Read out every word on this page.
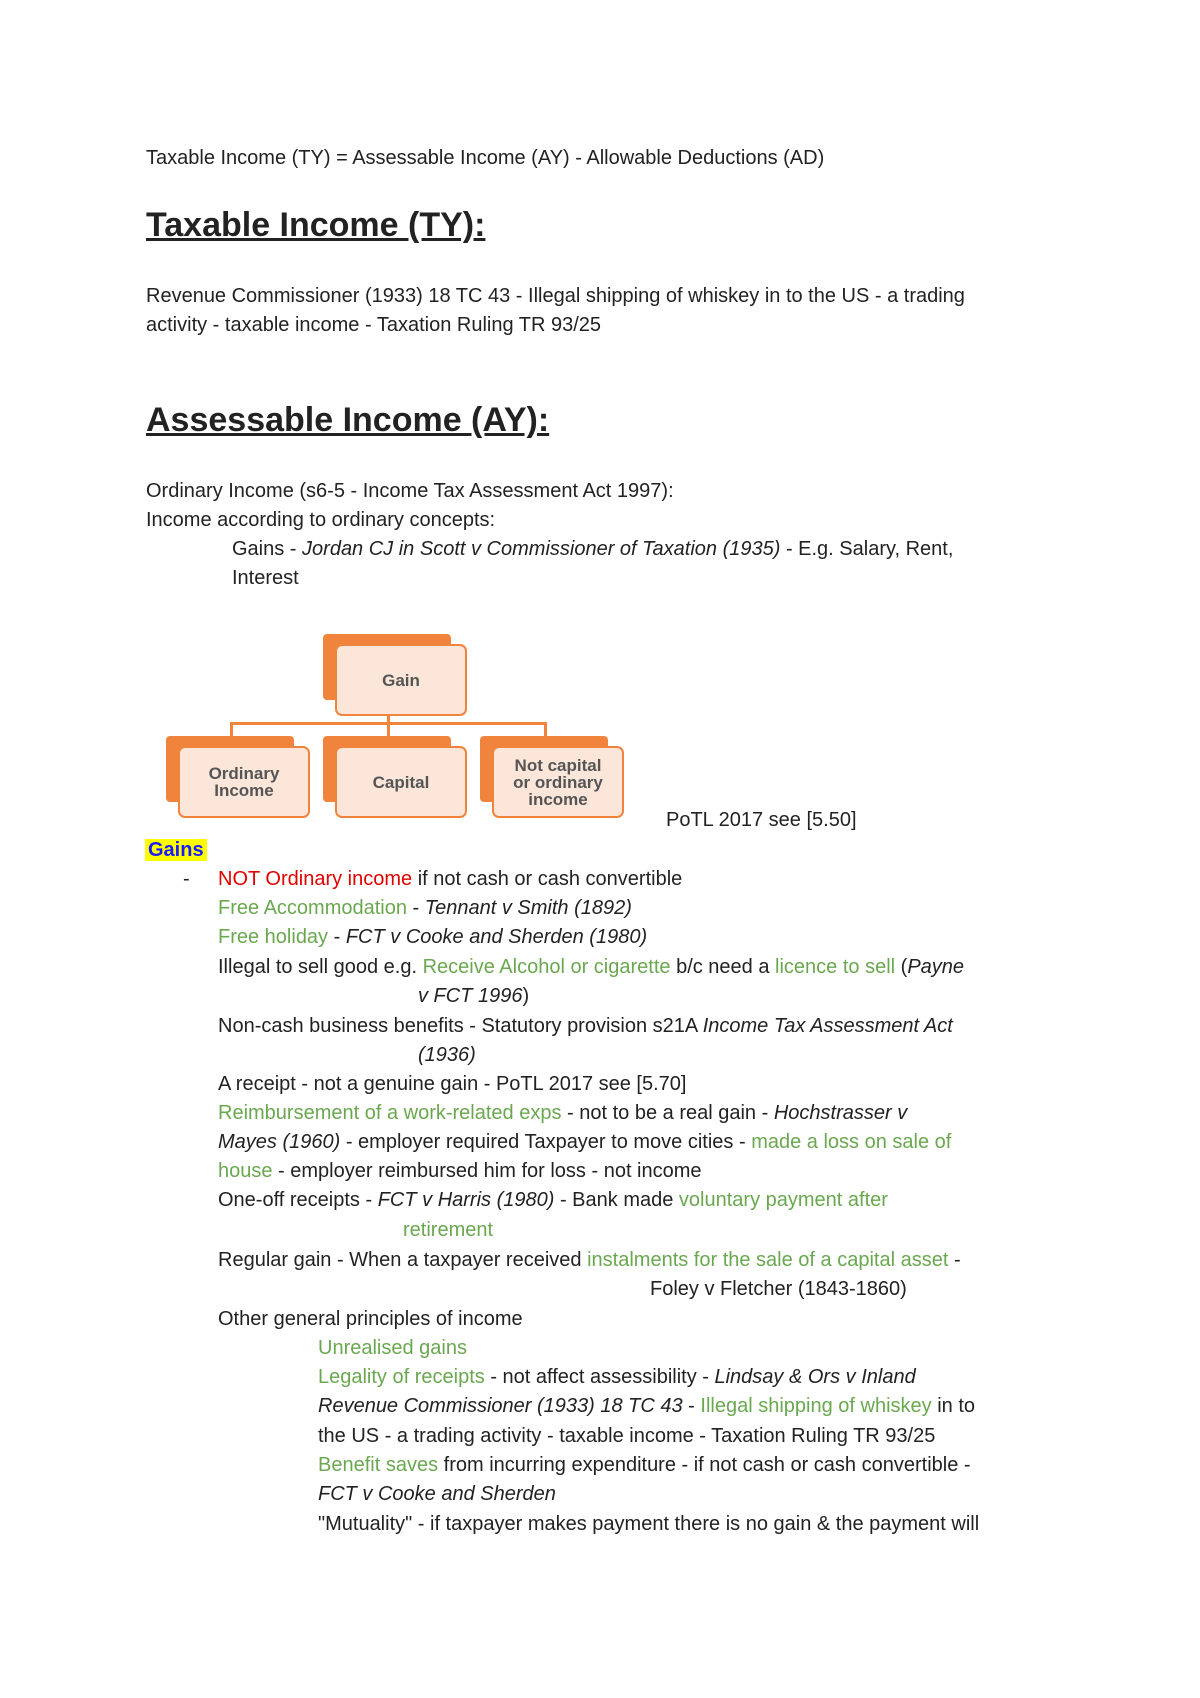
Taxable Income (TY) = Assessable Income (AY) - Allowable Deductions (AD)
Taxable Income (TY):
Revenue Commissioner (1933) 18 TC 43 - Illegal shipping of whiskey in to the US - a trading
activity - taxable income - Taxation Ruling TR 93/25
Assessable Income (AY):
Ordinary Income (s6-5 - Income Tax Assessment Act 1997):
Income according to ordinary concepts:
Gains - Jordan CJ in Scott v Commissioner of Taxation (1935) - E.g. Salary, Rent,
Interest
Gain
Ordinary Income	Capital
Not capital or ordinary income
PoTL 2017 see [5.50]
Gains
- NOT Ordinary income if not cash or cash convertible
Free Accommodation - Tennant v Smith (1892)
Free holiday - FCT v Cooke and Sherden (1980)
Illegal to sell good e.g. Receive Alcohol or cigarette b/c need a licence to sell (Payne
v FCT 1996)
Non-cash business benefits - Statutory provision s21A Income Tax Assessment Act
(1936)
A receipt - not a genuine gain - PoTL 2017 see [5.70]
Reimbursement of a work-related exps - not to be a real gain - Hochstrasser v
Mayes (1960) - employer required Taxpayer to move cities - made a loss on sale of
house - employer reimbursed him for loss - not income
One-off receipts - FCT v Harris (1980) - Bank made voluntary payment after
retirement
Regular gain - When a taxpayer received instalments for the sale of a capital asset -
Foley v Fletcher (1843-1860)
Other general principles of income
Unrealised gains
Legality of receipts - not affect assessibility - Lindsay & Ors v Inland
Revenue Commissioner (1933) 18 TC 43 - Illegal shipping of whiskey in to
the US - a trading activity - taxable income - Taxation Ruling TR 93/25
Benefit saves from incurring expenditure - if not cash or cash convertible -
FCT v Cooke and Sherden
"Mutuality" - if taxpayer makes payment there is no gain & the payment will
